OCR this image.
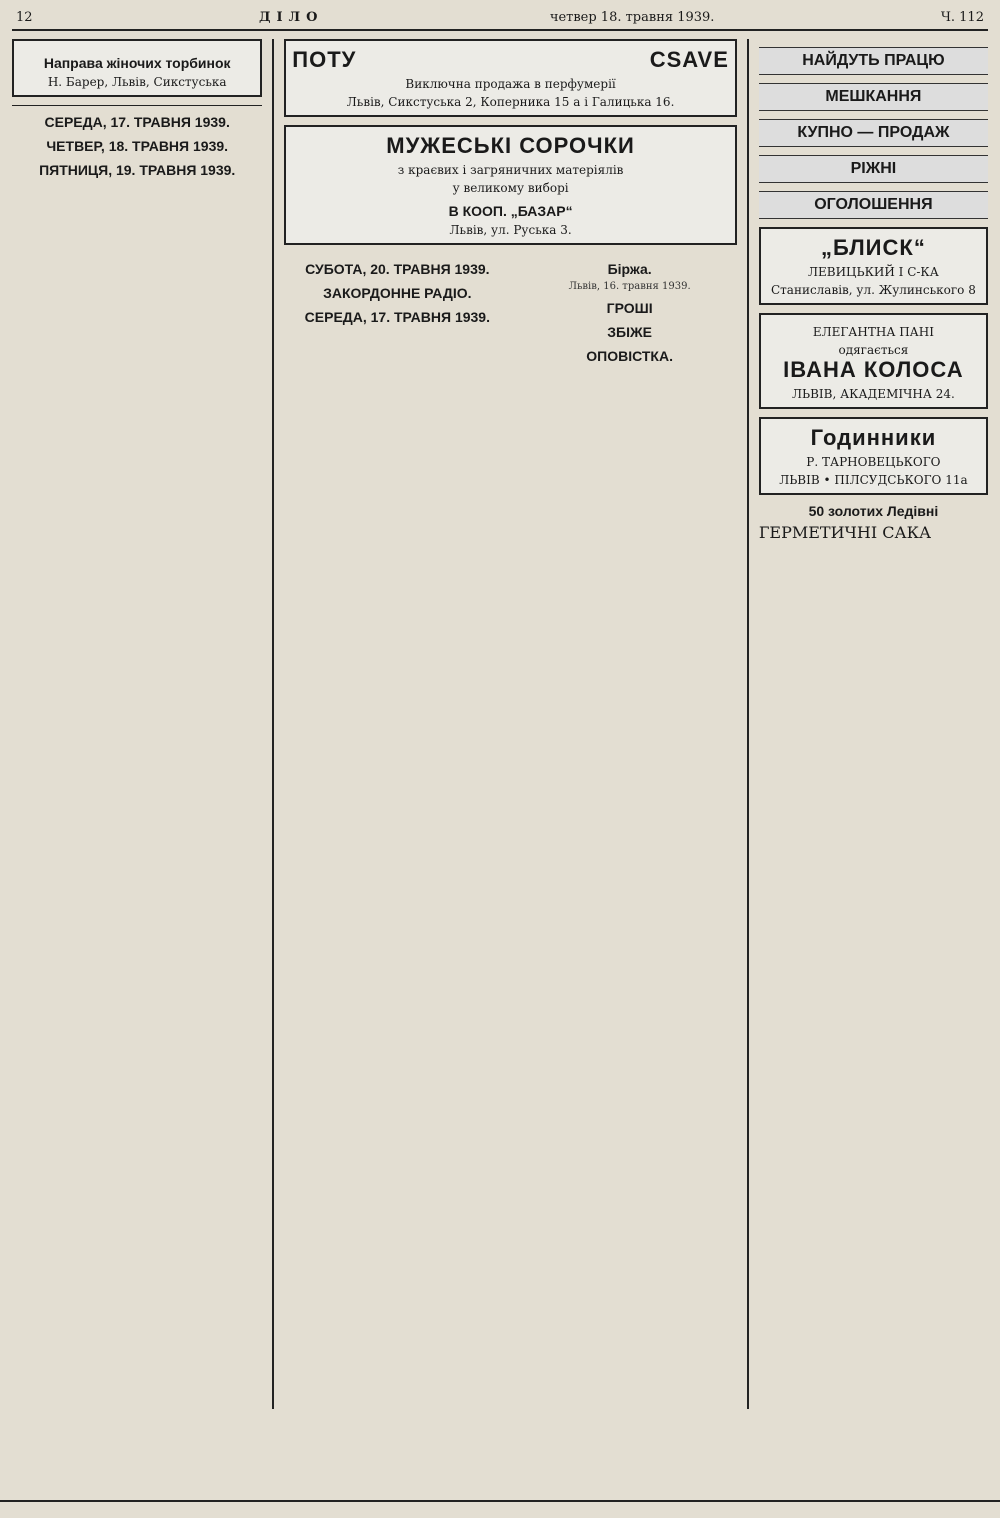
12	ДІЛО	четвер 18. травня 1939.	Ч. 112
Направа жіночих торбинок
Н. Барер, Львів, Сикстуська
СЕРЕДА, 17. ТРАВНЯ 1939.
ЧЕТВЕР, 18. ТРАВНЯ 1939.
ПЯТНИЦЯ, 19. ТРАВНЯ 1939.
ПОТУ	CSAVE
Виключна продажа в перфумерії
Львів, Сикстуська 2, Коперника 15 а і Галицька 16.
МУЖЕСЬКІ СОРОЧКИ
з краєвих і загряничних матеріялів
у великому виборі
В КООП. „БАЗАР“
Львів, ул. Руська 3.
СУБОТА, 20. ТРАВНЯ 1939.
ЗАКОРДОННЕ РАДІО.
СЕРЕДА, 17. ТРАВНЯ 1939.
Біржа.
Львів, 16. травня 1939.
ГРОШІ
ЗБІЖЕ
ОПОВІСТКА.
НАЙДУТЬ ПРАЦЮ
МЕШКАННЯ
КУПНО — ПРОДАЖ
РІЖНІ
ОГОЛОШЕННЯ
„БЛИСК“
ЛЕВИЦЬКИЙ І С-КА
Станиславів, ул. Жулинського 8
ЕЛЕГАНТНА ПАНІ
одягається
ІВАНА КОЛОСА
ЛЬВІВ, АКАДЕМІЧНА 24.
Годинники
Р. ТАРНОВЕЦЬКОГО
ЛЬВІВ • ПІЛСУДСЬКОГО 11а
50 золотих Ледівні
ГЕРМЕТИЧНІ САКА
